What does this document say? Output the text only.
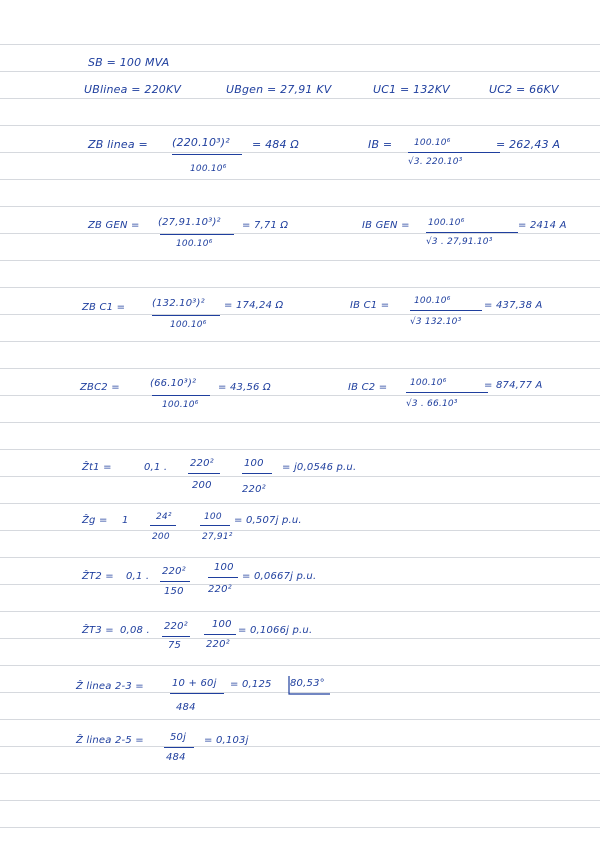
SB = 100 MVA
UBlinea = 220KV	UBgen = 27,91 KV	UC1 = 132KV	UC2 = 66KV
ZB linea = (220.10³)²
100.10⁶
= 484 Ω	IB = 100.10⁶
√3. 220.10³
= 262,43 A
ZB GEN = (27,91.10³)²
100.10⁶
= 7,71 Ω	IB GEN = 100.10⁶
√3 . 27,91.10³
= 2414 A
ZB C1 =	(132.10³)²
100.10⁶
= 174,24 Ω	IB C1 =	100.10⁶
√3 132.10³
= 437,38 A
ZBC2 =	(66.10³)²
100.10⁶
= 43,56 Ω	IB C2 =	100.10⁶
√3 . 66.10³
= 874,77 A
Ẑt1 =	0,1 . 220²
200
100
220²
= j0,0546 p.u.
Ẑg = 1	24²
200
100
27,91²
= 0,507j p.u.
ẐT2 = 0,1 . 220²
150
100
220²
= 0,0667j p.u.
ẐT3 = 0,08 . 220²
75
100
220²
= 0,1066j p.u.
Ẑ linea 2-3 =	10 + 60j
484
= 0,125 80,53°
Ẑ linea 2-5 =	50j
484
= 0,103j
